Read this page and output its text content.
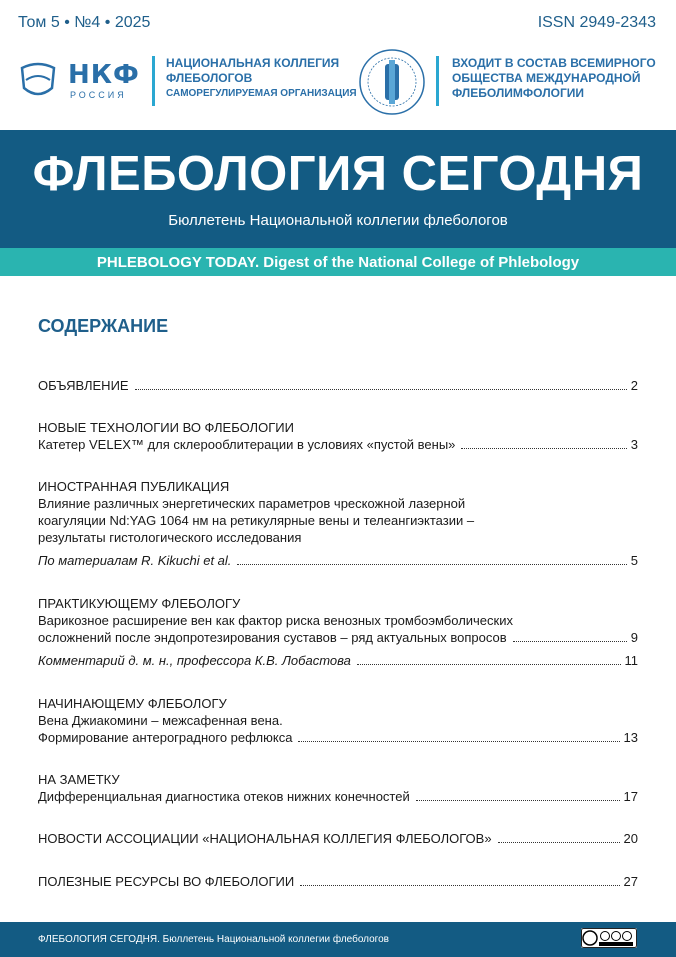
Том 5 • №4 • 2025	ISSN 2949-2343
НКФ
РОССИЯ
НАЦИОНАЛЬНАЯ КОЛЛЕГИЯ
ФЛЕБОЛОГОВ
САМОРЕГУЛИРУЕМАЯ ОРГАНИЗАЦИЯ
ВХОДИТ В СОСТАВ ВСЕМИРНОГО
ОБЩЕСТВА МЕЖДУНАРОДНОЙ
ФЛЕБОЛИМФОЛОГИИ
ФЛЕБОЛОГИЯ СЕГОДНЯ
Бюллетень Национальной коллегии флебологов
PHLEBOLOGY TODAY. Digest of the National College of Phlebology
СОДЕРЖАНИЕ
ОБЪЯВЛЕНИЕ	2
НОВЫЕ ТЕХНОЛОГИИ ВО ФЛЕБОЛОГИИ
Катетер VELEX™ для склерооблитерации в условиях «пустой вены»	3
ИНОСТРАННАЯ ПУБЛИКАЦИЯ
Влияние различных энергетических параметров чрескожной лазерной
коагуляции Nd:YAG 1064 нм на ретикулярные вены и телеангиэктазии –
результаты гистологического исследования
По материалам R. Kikuchi et al.	5
ПРАКТИКУЮЩЕМУ ФЛЕБОЛОГУ
Варикозное расширение вен как фактор риска венозных тромбоэмболических
осложнений после эндопротезирования суставов – ряд актуальных вопросов	9
Комментарий д. м. н., профессора К.В. Лобастова	11
НАЧИНАЮЩЕМУ ФЛЕБОЛОГУ
Вена Джиакомини – межсафенная вена.
Формирование антероградного рефлюкса	13
НА ЗАМЕТКУ
Дифференциальная диагностика отеков нижних конечностей	17
НОВОСТИ АССОЦИАЦИИ «НАЦИОНАЛЬНАЯ КОЛЛЕГИЯ ФЛЕБОЛОГОВ»	20
ПОЛЕЗНЫЕ РЕСУРСЫ ВО ФЛЕБОЛОГИИ	27
ФЛЕБОЛОГИЯ СЕГОДНЯ. Бюллетень Национальной коллегии флебологов
